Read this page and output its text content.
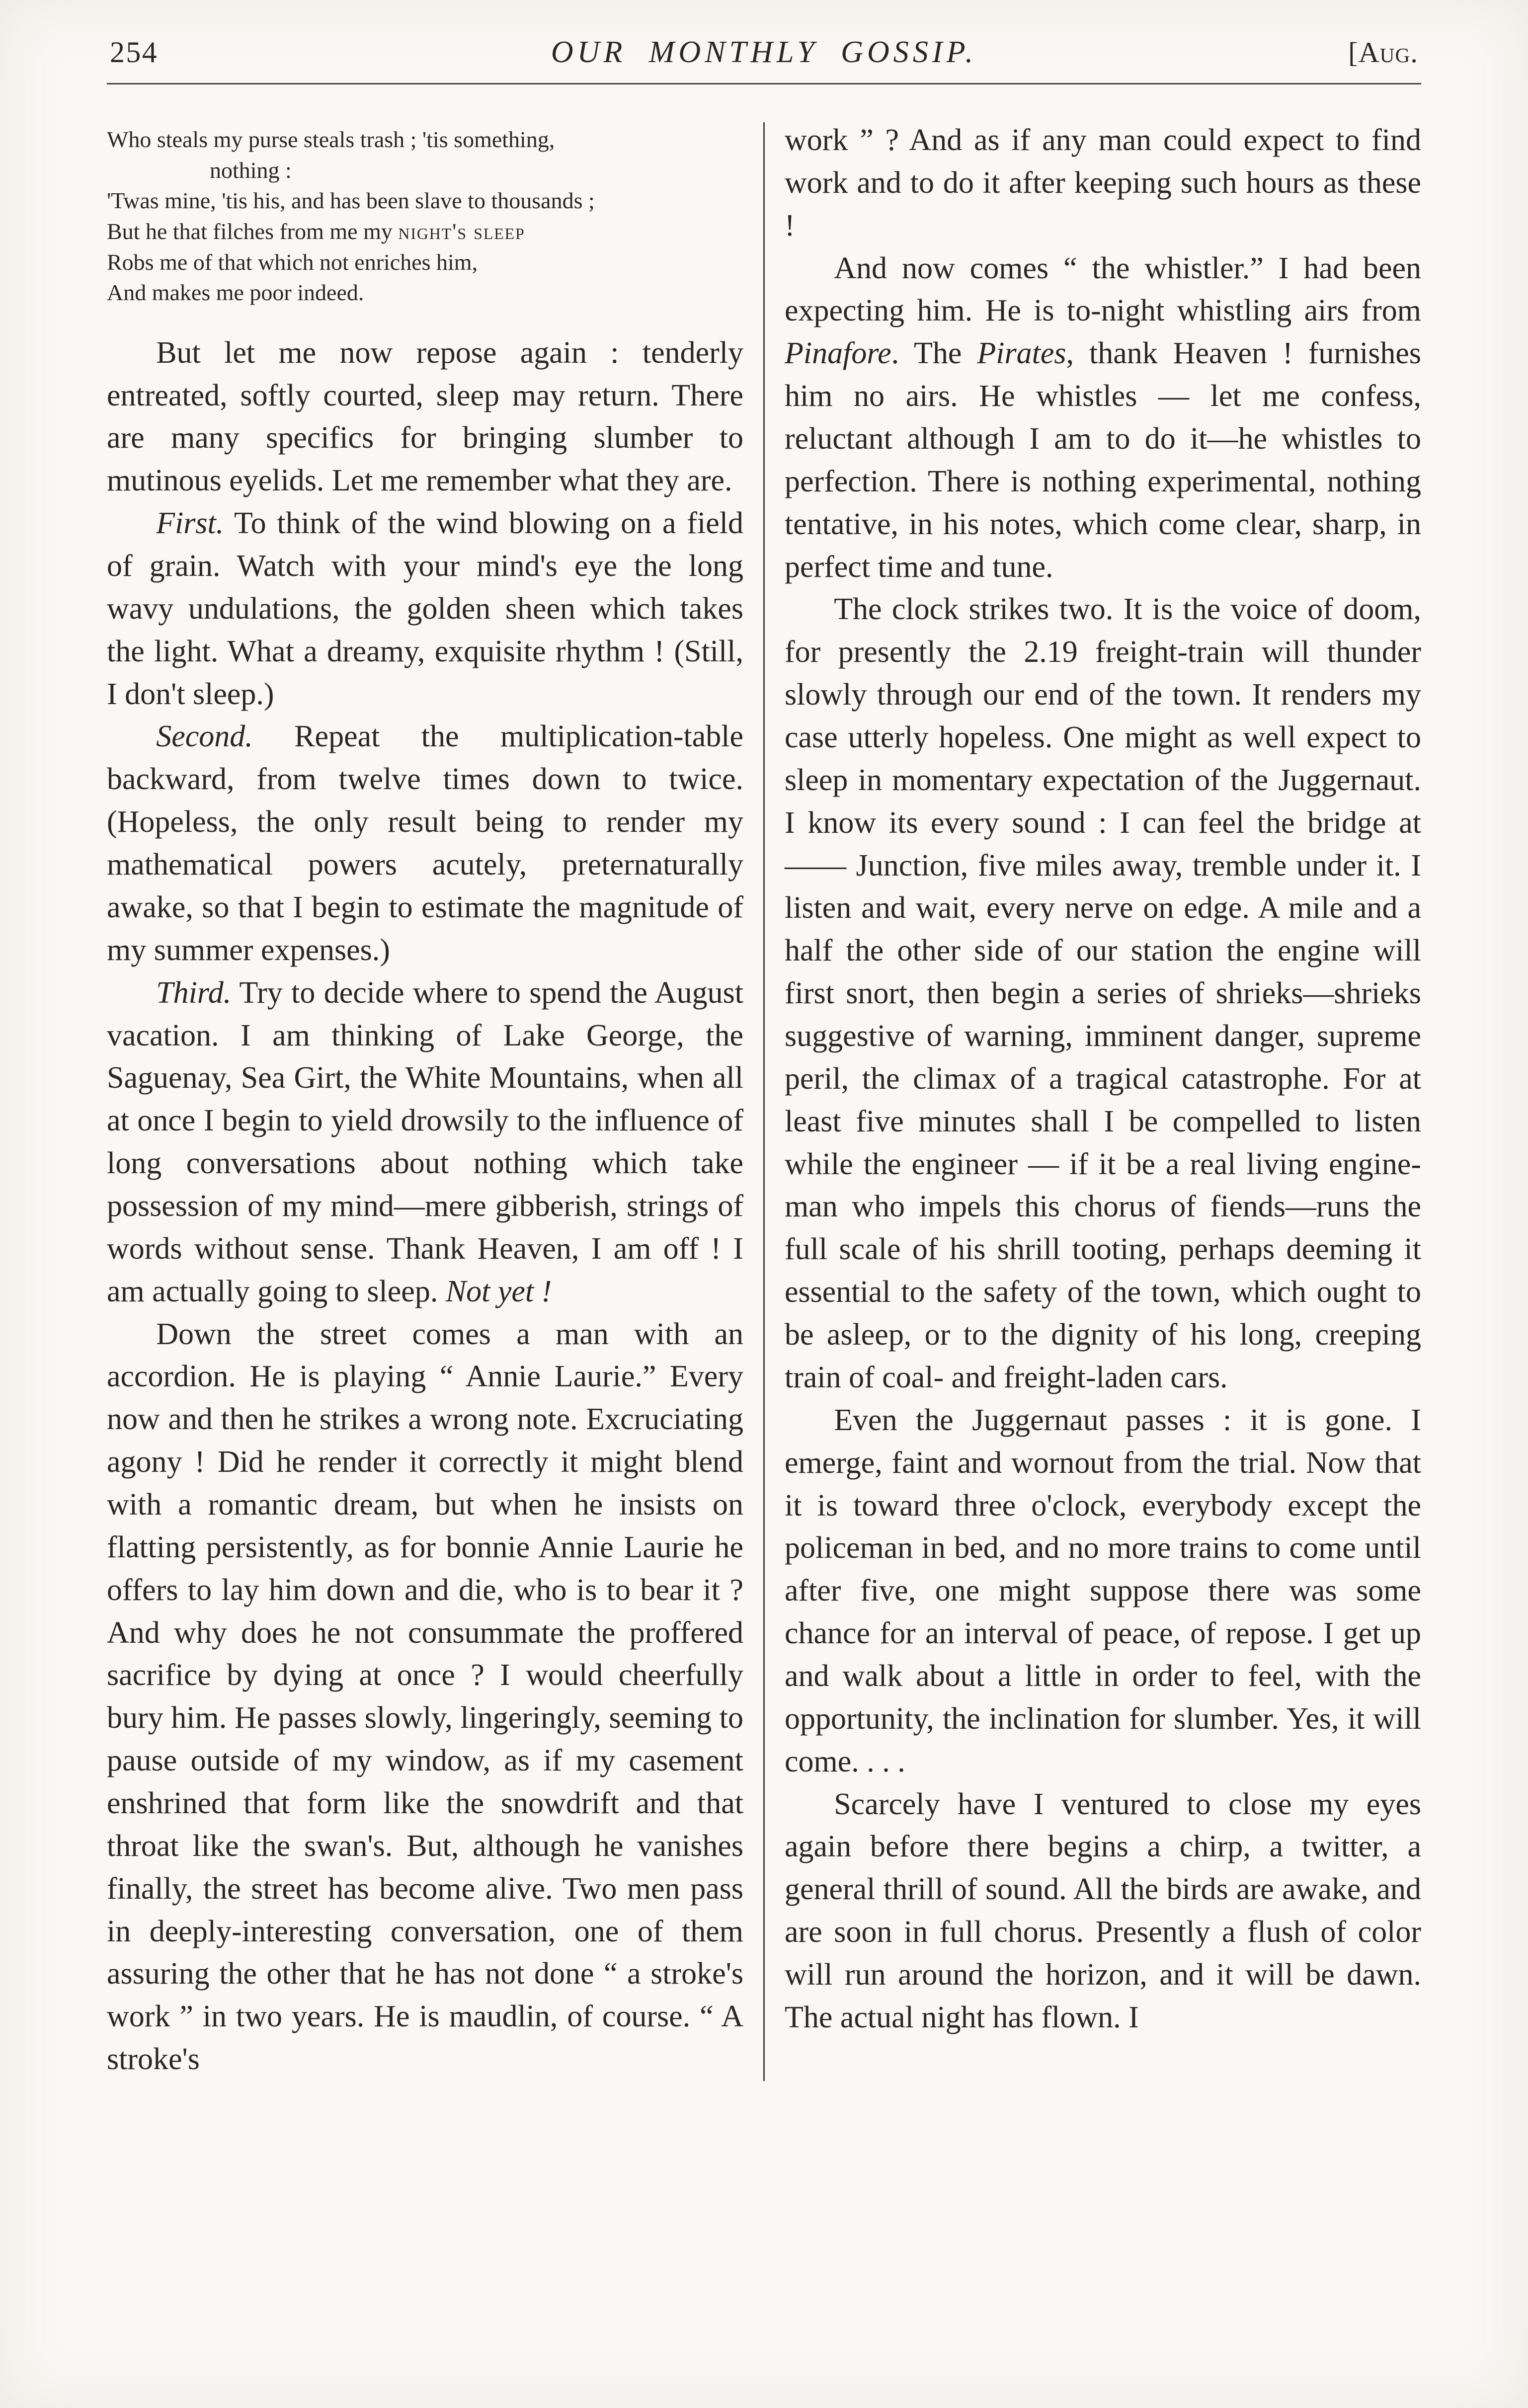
254	OUR MONTHLY GOSSIP.	[Aug.
Who steals my purse steals trash ; 'tis something,
nothing :
'Twas mine, 'tis his, and has been slave to thousands ;
But he that filches from me my night's sleep
Robs me of that which not enriches him,
And makes me poor indeed.

But let me now repose again : tenderly entreated, softly courted, sleep may return. There are many specifics for bringing slumber to mutinous eyelids. Let me remember what they are.

First. To think of the wind blowing on a field of grain. Watch with your mind's eye the long wavy undulations, the golden sheen which takes the light. What a dreamy, exquisite rhythm ! (Still, I don't sleep.)

Second. Repeat the multiplication-table backward, from twelve times down to twice. (Hopeless, the only result being to render my mathematical powers acutely, preternaturally awake, so that I begin to estimate the magnitude of my summer expenses.)

Third. Try to decide where to spend the August vacation. I am thinking of Lake George, the Saguenay, Sea Girt, the White Mountains, when all at once I begin to yield drowsily to the influence of long conversations about nothing which take possession of my mind—mere gibberish, strings of words without sense. Thank Heaven, I am off ! I am actually going to sleep. Not yet !

Down the street comes a man with an accordion. He is playing “ Annie Laurie.” Every now and then he strikes a wrong note. Excruciating agony ! Did he render it correctly it might blend with a romantic dream, but when he insists on flatting persistently, as for bonnie Annie Laurie he offers to lay him down and die, who is to bear it ? And why does he not consummate the proffered sacrifice by dying at once ? I would cheerfully bury him. He passes slowly, lingeringly, seeming to pause outside of my window, as if my casement enshrined that form like the snowdrift and that throat like the swan's. But, although he vanishes finally, the street has become alive. Two men pass in deeply-interesting conversation, one of them assuring the other that he has not done “ a stroke's work ” in two years. He is maudlin, of course. “ A stroke's

work ” ? And as if any man could expect to find work and to do it after keeping such hours as these !

And now comes “ the whistler.” I had been expecting him. He is to-night whistling airs from Pinafore. The Pirates, thank Heaven ! furnishes him no airs. He whistles — let me confess, reluctant although I am to do it—he whistles to perfection. There is nothing experimental, nothing tentative, in his notes, which come clear, sharp, in perfect time and tune.

The clock strikes two. It is the voice of doom, for presently the 2.19 freight-train will thunder slowly through our end of the town. It renders my case utterly hopeless. One might as well expect to sleep in momentary expectation of the Juggernaut. I know its every sound : I can feel the bridge at —— Junction, five miles away, tremble under it. I listen and wait, every nerve on edge. A mile and a half the other side of our station the engine will first snort, then begin a series of shrieks—shrieks suggestive of warning, imminent danger, supreme peril, the climax of a tragical catastrophe. For at least five minutes shall I be compelled to listen while the engineer — if it be a real living engine-man who impels this chorus of fiends—runs the full scale of his shrill tooting, perhaps deeming it essential to the safety of the town, which ought to be asleep, or to the dignity of his long, creeping train of coal- and freight-laden cars.

Even the Juggernaut passes : it is gone. I emerge, faint and wornout from the trial. Now that it is toward three o'clock, everybody except the policeman in bed, and no more trains to come until after five, one might suppose there was some chance for an interval of peace, of repose. I get up and walk about a little in order to feel, with the opportunity, the inclination for slumber. Yes, it will come. . . .

Scarcely have I ventured to close my eyes again before there begins a chirp, a twitter, a general thrill of sound. All the birds are awake, and are soon in full chorus. Presently a flush of color will run around the horizon, and it will be dawn. The actual night has flown. I
